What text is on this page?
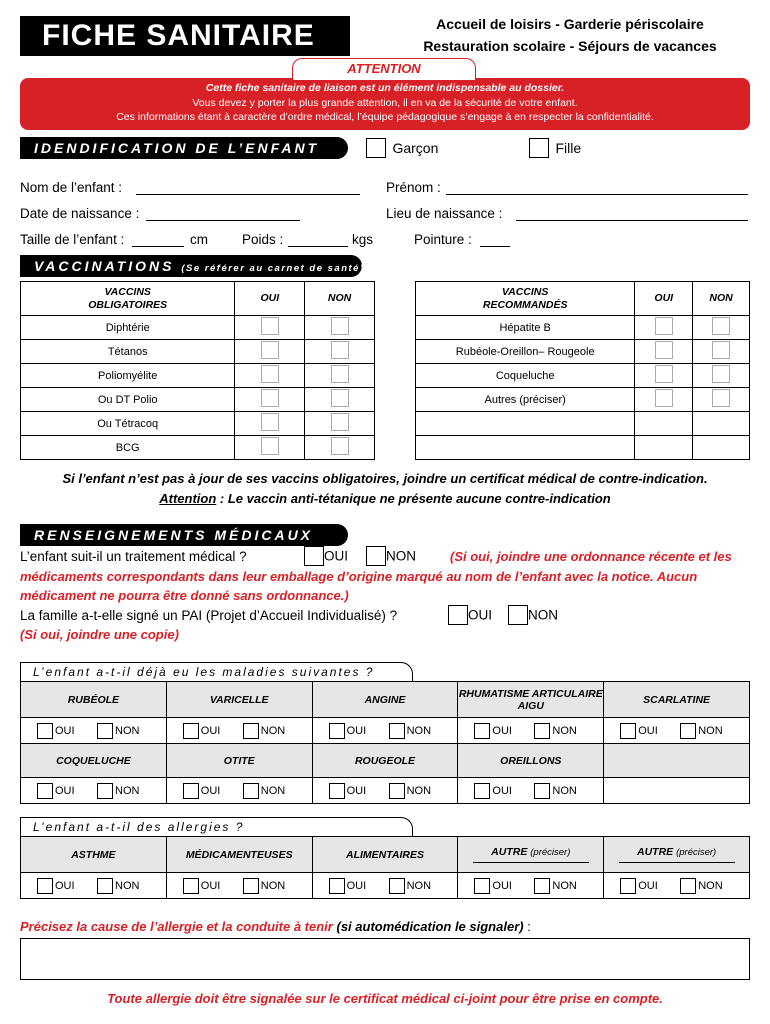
FICHE SANITAIRE	Accueil de loisirs - Garderie périscolaire
Restauration scolaire - Séjours de vacances
ATTENTION
Cette fiche sanitaire de liaison est un élément indispensable au dossier.
Vous devez y porter la plus grande attention, il en va de la sécurité de votre enfant.
Ces informations étant à caractère d’ordre médical, l’équipe pédagogique s’engage à en respecter la confidentialité.
IDENDIFICATION DE L’ENFANT	Garçon	Fille
Nom de l’enfant :	Prénom :
Date de naissance :	Lieu de naissance :
Taille de l’enfant :	cm	Poids :	kgs	Pointure :
VACCINATIONS (Se référer au carnet de santé)
VACCINS
OBLIGATOIRES	OUI	NON
Diphtérie		
Tétanos		
Poliomyélite		
Ou DT Polio		
Ou Tétracoq		
BCG		
VACCINS
RECOMMANDÉS	OUI	NON
Hépatite B		
Rubéole-Oreillon– Rougeole		
Coqueluche		
Autres (préciser)		

Si l’enfant n’est pas à jour de ses vaccins obligatoires, joindre un certificat médical de contre-indication.
Attention : Le vaccin anti-tétanique ne présente aucune contre-indication
RENSEIGNEMENTS MÉDICAUX
L’enfant suit-il un traitement médical ?	OUI	NON	(Si oui, joindre une ordonnance récente et les
médicaments correspondants dans leur emballage d’origine marqué au nom de l’enfant avec la notice. Aucun
médicament ne pourra être donné sans ordonnance.)
La famille a-t-elle signé un PAI (Projet d’Accueil Individualisé) ?	OUI	NON
(Si oui, joindre une copie)
L’enfant a-t-il déjà eu les maladies suivantes ?
RUBÉOLE	VARICELLE	ANGINE	RHUMATISME ARTICULAIRE AIGU	SCARLATINE

OUI NON	OUI NON	OUI NON	OUI NON	OUI NON

COQUELUCHE	OTITE	ROUGEOLE	OREILLONS	

OUI NON	OUI NON	OUI NON	OUI NON	

L’enfant a-t-il des allergies ?
ASTHME	MÉDICAMENTEUSES	ALIMENTAIRES	AUTRE (préciser)	AUTRE (préciser)

OUI NON	OUI NON	OUI NON	OUI NON	OUI NON
Précisez la cause de l’allergie et la conduite à tenir (si automédication le signaler) :
Toute allergie doit être signalée sur le certificat médical ci-joint pour être prise en compte.
